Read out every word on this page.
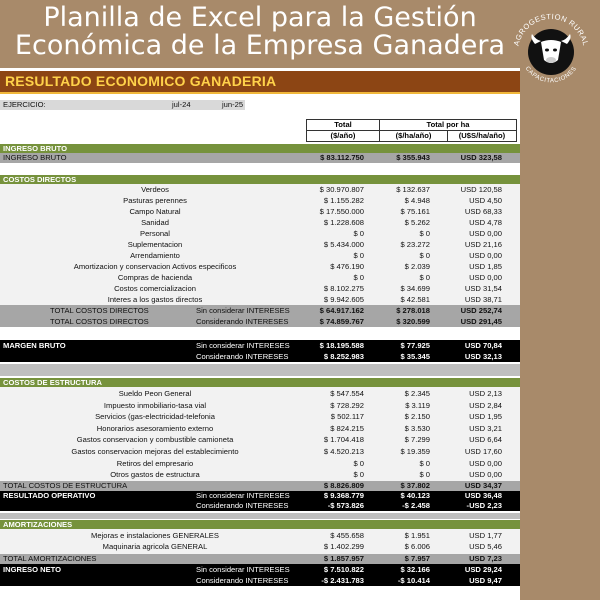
Planilla de Excel para la Gestión
Económica de la Empresa Ganadera AGROGESTION RURAL
CAPACITACIONES
RESULTADO ECONOMICO GANADERIA
EJERCICIO:	jul-24	jun-25
Total
($/año)
Total por ha
($/ha/año)	(U$S/ha/año)
INGRESO BRUTO
INGRESO BRUTO	$ 83.112.750	$ 355.943	USD 323,58
COSTOS DIRECTOS
Verdeos	$ 30.970.807	$ 132.637	USD 120,58
Pasturas perennes	$ 1.155.282	$ 4.948	USD 4,50
Campo Natural	$ 17.550.000	$ 75.161	USD 68,33
Sanidad	$ 1.228.608	$ 5.262	USD 4,78
Personal	$ 0	$ 0	USD 0,00
Suplementacion	$ 5.434.000	$ 23.272	USD 21,16
Arrendamiento	$ 0	$ 0	USD 0,00
Amortizacion y conservacion Activos especificos	$ 476.190	$ 2.039	USD 1,85
Compras de hacienda	$ 0	$ 0	USD 0,00
Costos comercializacion	$ 8.102.275	$ 34.699	USD 31,54
Interes a los gastos directos	$ 9.942.605	$ 42.581	USD 38,71
TOTAL COSTOS DIRECTOS	Sin considerar INTERESES	$ 64.917.162	$ 278.018	USD 252,74
TOTAL COSTOS DIRECTOS	Considerando INTERESES	$ 74.859.767	$ 320.599	USD 291,45
MARGEN BRUTO	Sin considerar INTERESES	$ 18.195.588	$ 77.925	USD 70,84
Considerando INTERESES	$ 8.252.983	$ 35.345	USD 32,13
COSTOS DE ESTRUCTURA
Sueldo Peon General	$ 547.554	$ 2.345	USD 2,13
Impuesto inmobiliario-tasa vial	$ 728.292	$ 3.119	USD 2,84
Servicios (gas-electricidad-telefonia	$ 502.117	$ 2.150	USD 1,95
Honorarios asesoramiento externo	$ 824.215	$ 3.530	USD 3,21
Gastos conservacion y combustible camioneta	$ 1.704.418	$ 7.299	USD 6,64
Gastos conservacion mejoras del establecimiento	$ 4.520.213	$ 19.359	USD 17,60
Retiros del empresario	$ 0	$ 0	USD 0,00
Otros gastos de estructura	$ 0	$ 0	USD 0,00
TOTAL COSTOS DE ESTRUCTURA	$ 8.826.809	$ 37.802	USD 34,37
RESULTADO OPERATIVO	Sin considerar INTERESES	$ 9.368.779	$ 40.123	USD 36,48
Considerando INTERESES	-$ 573.826	-$ 2.458	-USD 2,23
AMORTIZACIONES
Mejoras e instalaciones GENERALES	$ 455.658	$ 1.951	USD 1,77
Maquinaria agricola GENERAL	$ 1.402.299	$ 6.006	USD 5,46
TOTAL AMORTIZACIONES	$ 1.857.957	$ 7.957	USD 7,23
INGRESO NETO	Sin considerar INTERESES	$ 7.510.822	$ 32.166	USD 29,24
Considerando INTERESES	-$ 2.431.783	-$ 10.414	USD 9,47
